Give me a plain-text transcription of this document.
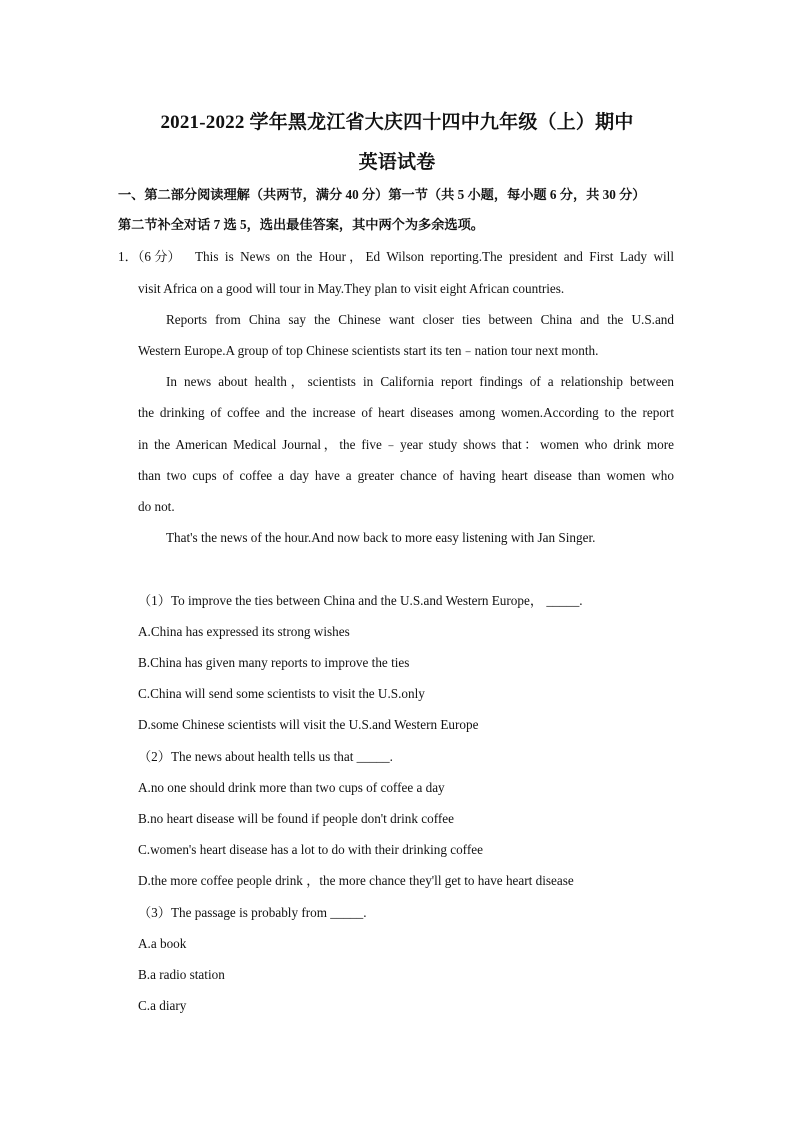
2021-2022 学年黑龙江省大庆四十四中九年级（上）期中
英语试卷
一、第二部分阅读理解（共两节，满分 40 分）第一节（共 5 小题，每小题 6 分，共 30 分）
第二节补全对话 7 选 5，选出最佳答案，其中两个为多余选项。
1．（6 分） This is News on the Hour，Ed Wilson reporting.The president and First Lady will
visit Africa on a good will tour in May.They plan to visit eight African countries.
Reports from China say the Chinese want closer ties between China and the U.S.and
Western Europe.A group of top Chinese scientists start its ten﹣nation tour next month.
In news about health，scientists in California report findings of a relationship between
the drinking of coffee and the increase of heart diseases among women.According to the report
in the American Medical Journal，the five﹣year study shows that：women who drink more
than two cups of coffee a day have a greater chance of having heart disease than women who
do not.
That's the news of the hour.And now back to more easy listening with Jan Singer.
（1）To improve the ties between China and the U.S.and Western Europe， _____.
A.China has expressed its strong wishes
B.China has given many reports to improve the ties
C.China will send some scientists to visit the U.S.only
D.some Chinese scientists will visit the U.S.and Western Europe
（2）The news about health tells us that _____.
A.no one should drink more than two cups of coffee a day
B.no heart disease will be found if people don't drink coffee
C.women's heart disease has a lot to do with their drinking coffee
D.the more coffee people drink ，the more chance they'll get to have heart disease
（3）The passage is probably from _____.
A.a book
B.a radio station
C.a diary
